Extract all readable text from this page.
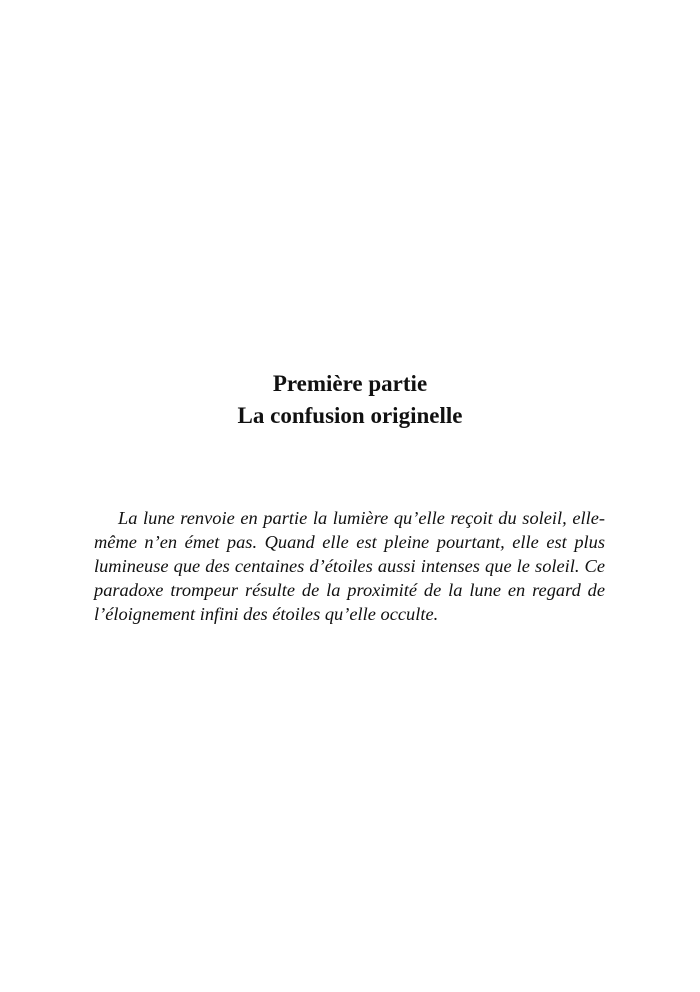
Première partie

La confusion originelle

La lune renvoie en partie la lumière qu’elle reçoit du soleil, elle-même n’en émet pas. Quand elle est pleine pourtant, elle est plus lumineuse que des centaines d’étoiles aussi intenses que le soleil. Ce paradoxe trompeur résulte de la proximité de la lune en regard de l’éloignement infini des étoiles qu’elle occulte.
